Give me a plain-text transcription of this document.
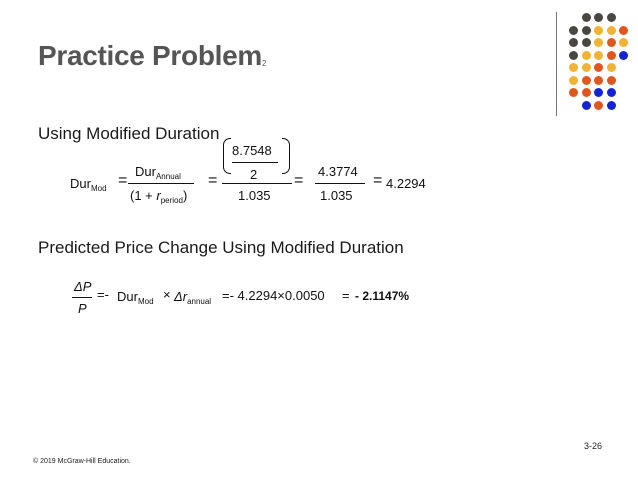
Practice Problem 2
Using Modified Duration
Dur$_{Mod}$ =
Dur$_{Annual}$
$(1 + r_{period})$
=
8.7548
2
1.035
=
4.3774
1.035
= 4.2294
Predicted Price Change Using Modified Duration
ΔP
P
=- $Dur_{Mod} \times \Delta r_{annual} =- 4.2294\times 0.0050$ = - 2.1147%
3-26
© 2019 McGraw-Hill Education.
